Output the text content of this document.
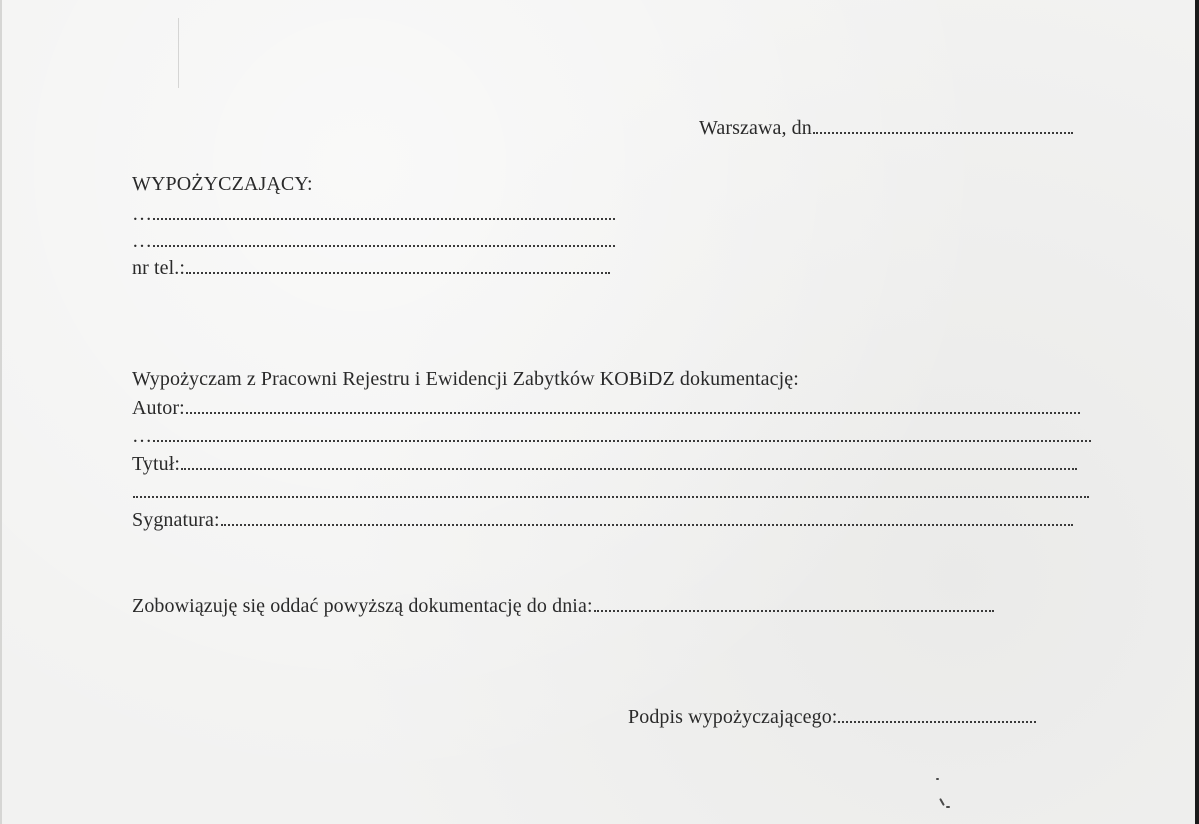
Warszawa, dn
WYPOŻYCZAJĄCY:
…
…
nr tel.:
Wypożyczam z Pracowni Rejestru i Ewidencji Zabytków KOBiDZ dokumentację:
Autor:
…
Tytuł:
Sygnatura:
Zobowiązuję się oddać powyższą dokumentację do dnia:
Podpis wypożyczającego:
